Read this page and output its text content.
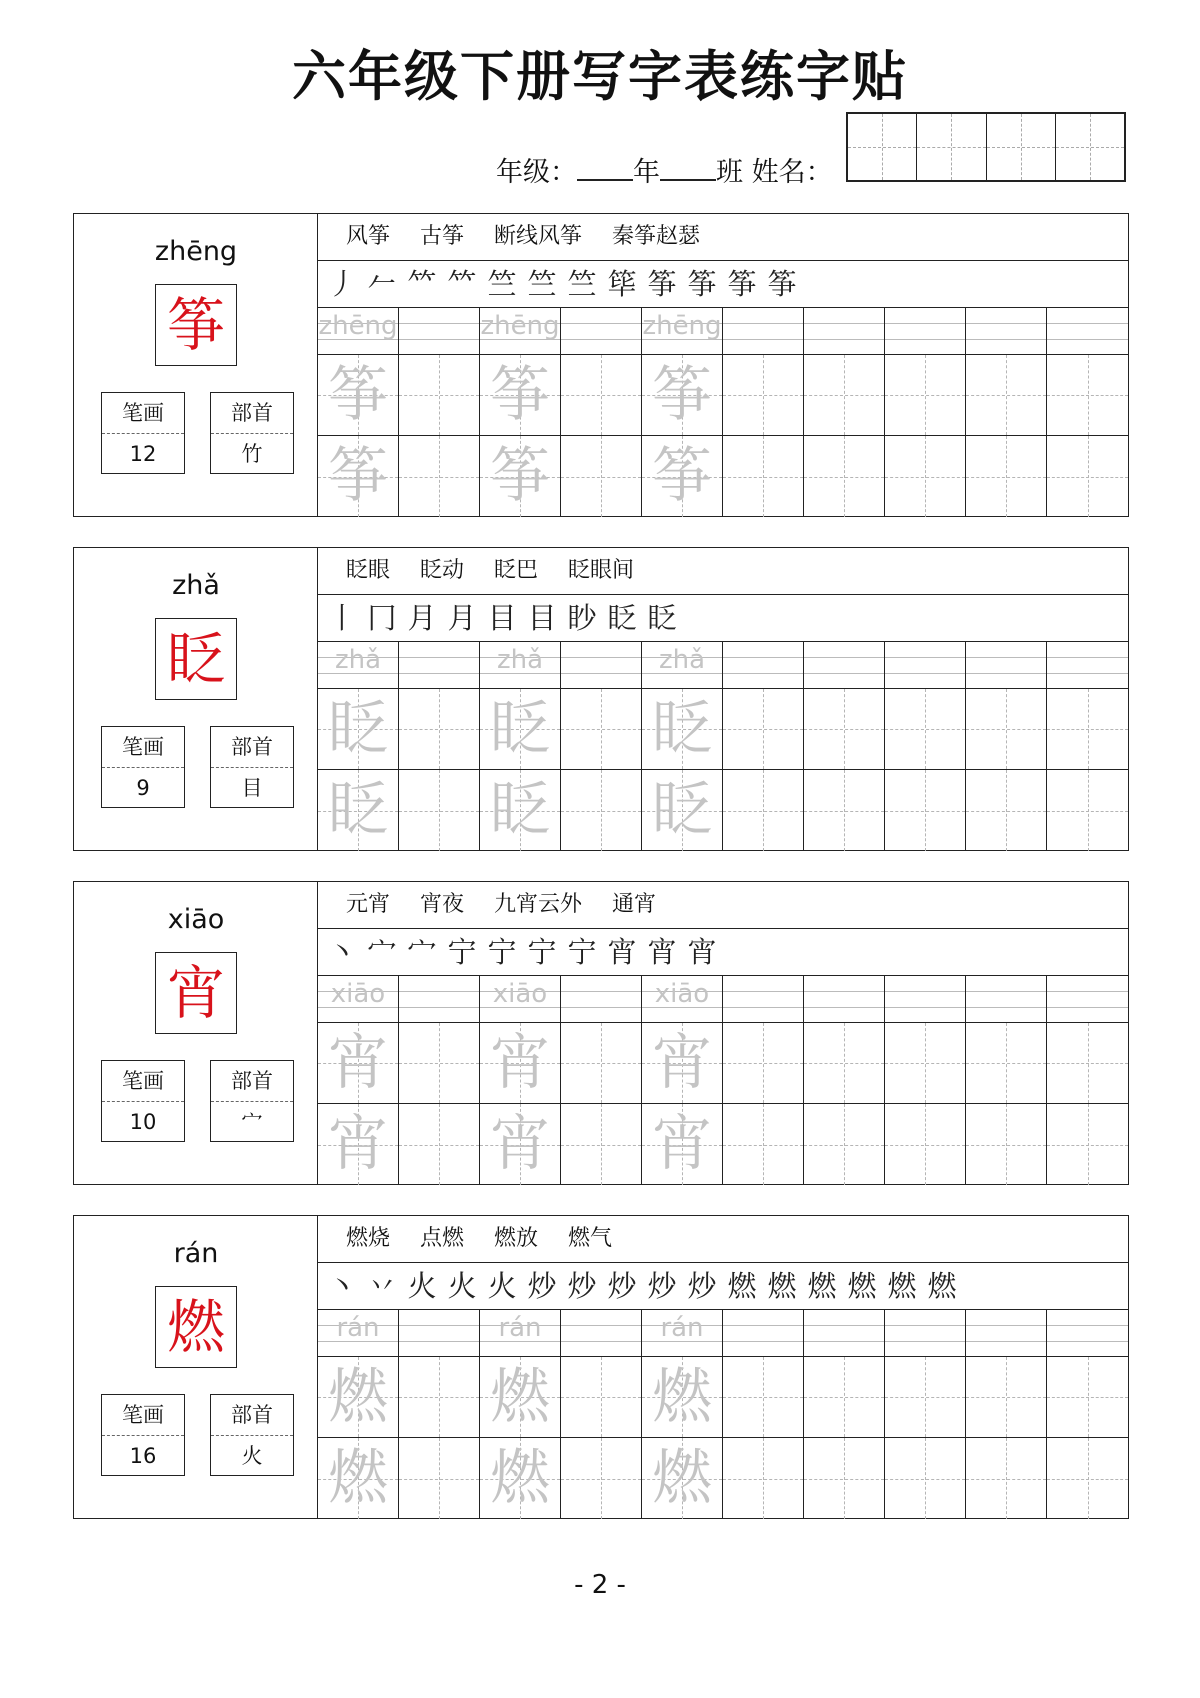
六年级下册写字表练字贴
年级： 年 班 姓名：
zhēng
筝
笔画
12
部首
竹
风筝 古筝 断线风筝 秦筝赵瑟
丿 𠂉 𥫗 𥫗 竺 竺 竺 筚 筝 筝 筝 筝
zhēng	zhēng	zhēng
筝 筝 筝
筝 筝 筝
zhǎ
眨
笔画
9
部首
目
眨眼 眨动 眨巴 眨眼间
丨 冂 月 月 目 目 眇 眨 眨
zhǎ	zhǎ	zhǎ
眨 眨 眨
眨 眨 眨
xiāo
宵
笔画
10
部首
宀
元宵 宵夜 九宵云外 通宵
丶 宀 宀 宁 宁 宁 宁 宵 宵 宵
xiāo	xiāo	xiāo
宵 宵 宵
宵 宵 宵
rán
燃
笔画
16
部首
火
燃烧 点燃 燃放 燃气
丶 丷 火 火 火 炒 炒 炒 炒 炒 燃 燃 燃 燃 燃 燃
rán	rán	rán
燃 燃 燃
燃 燃 燃
- 2 -
